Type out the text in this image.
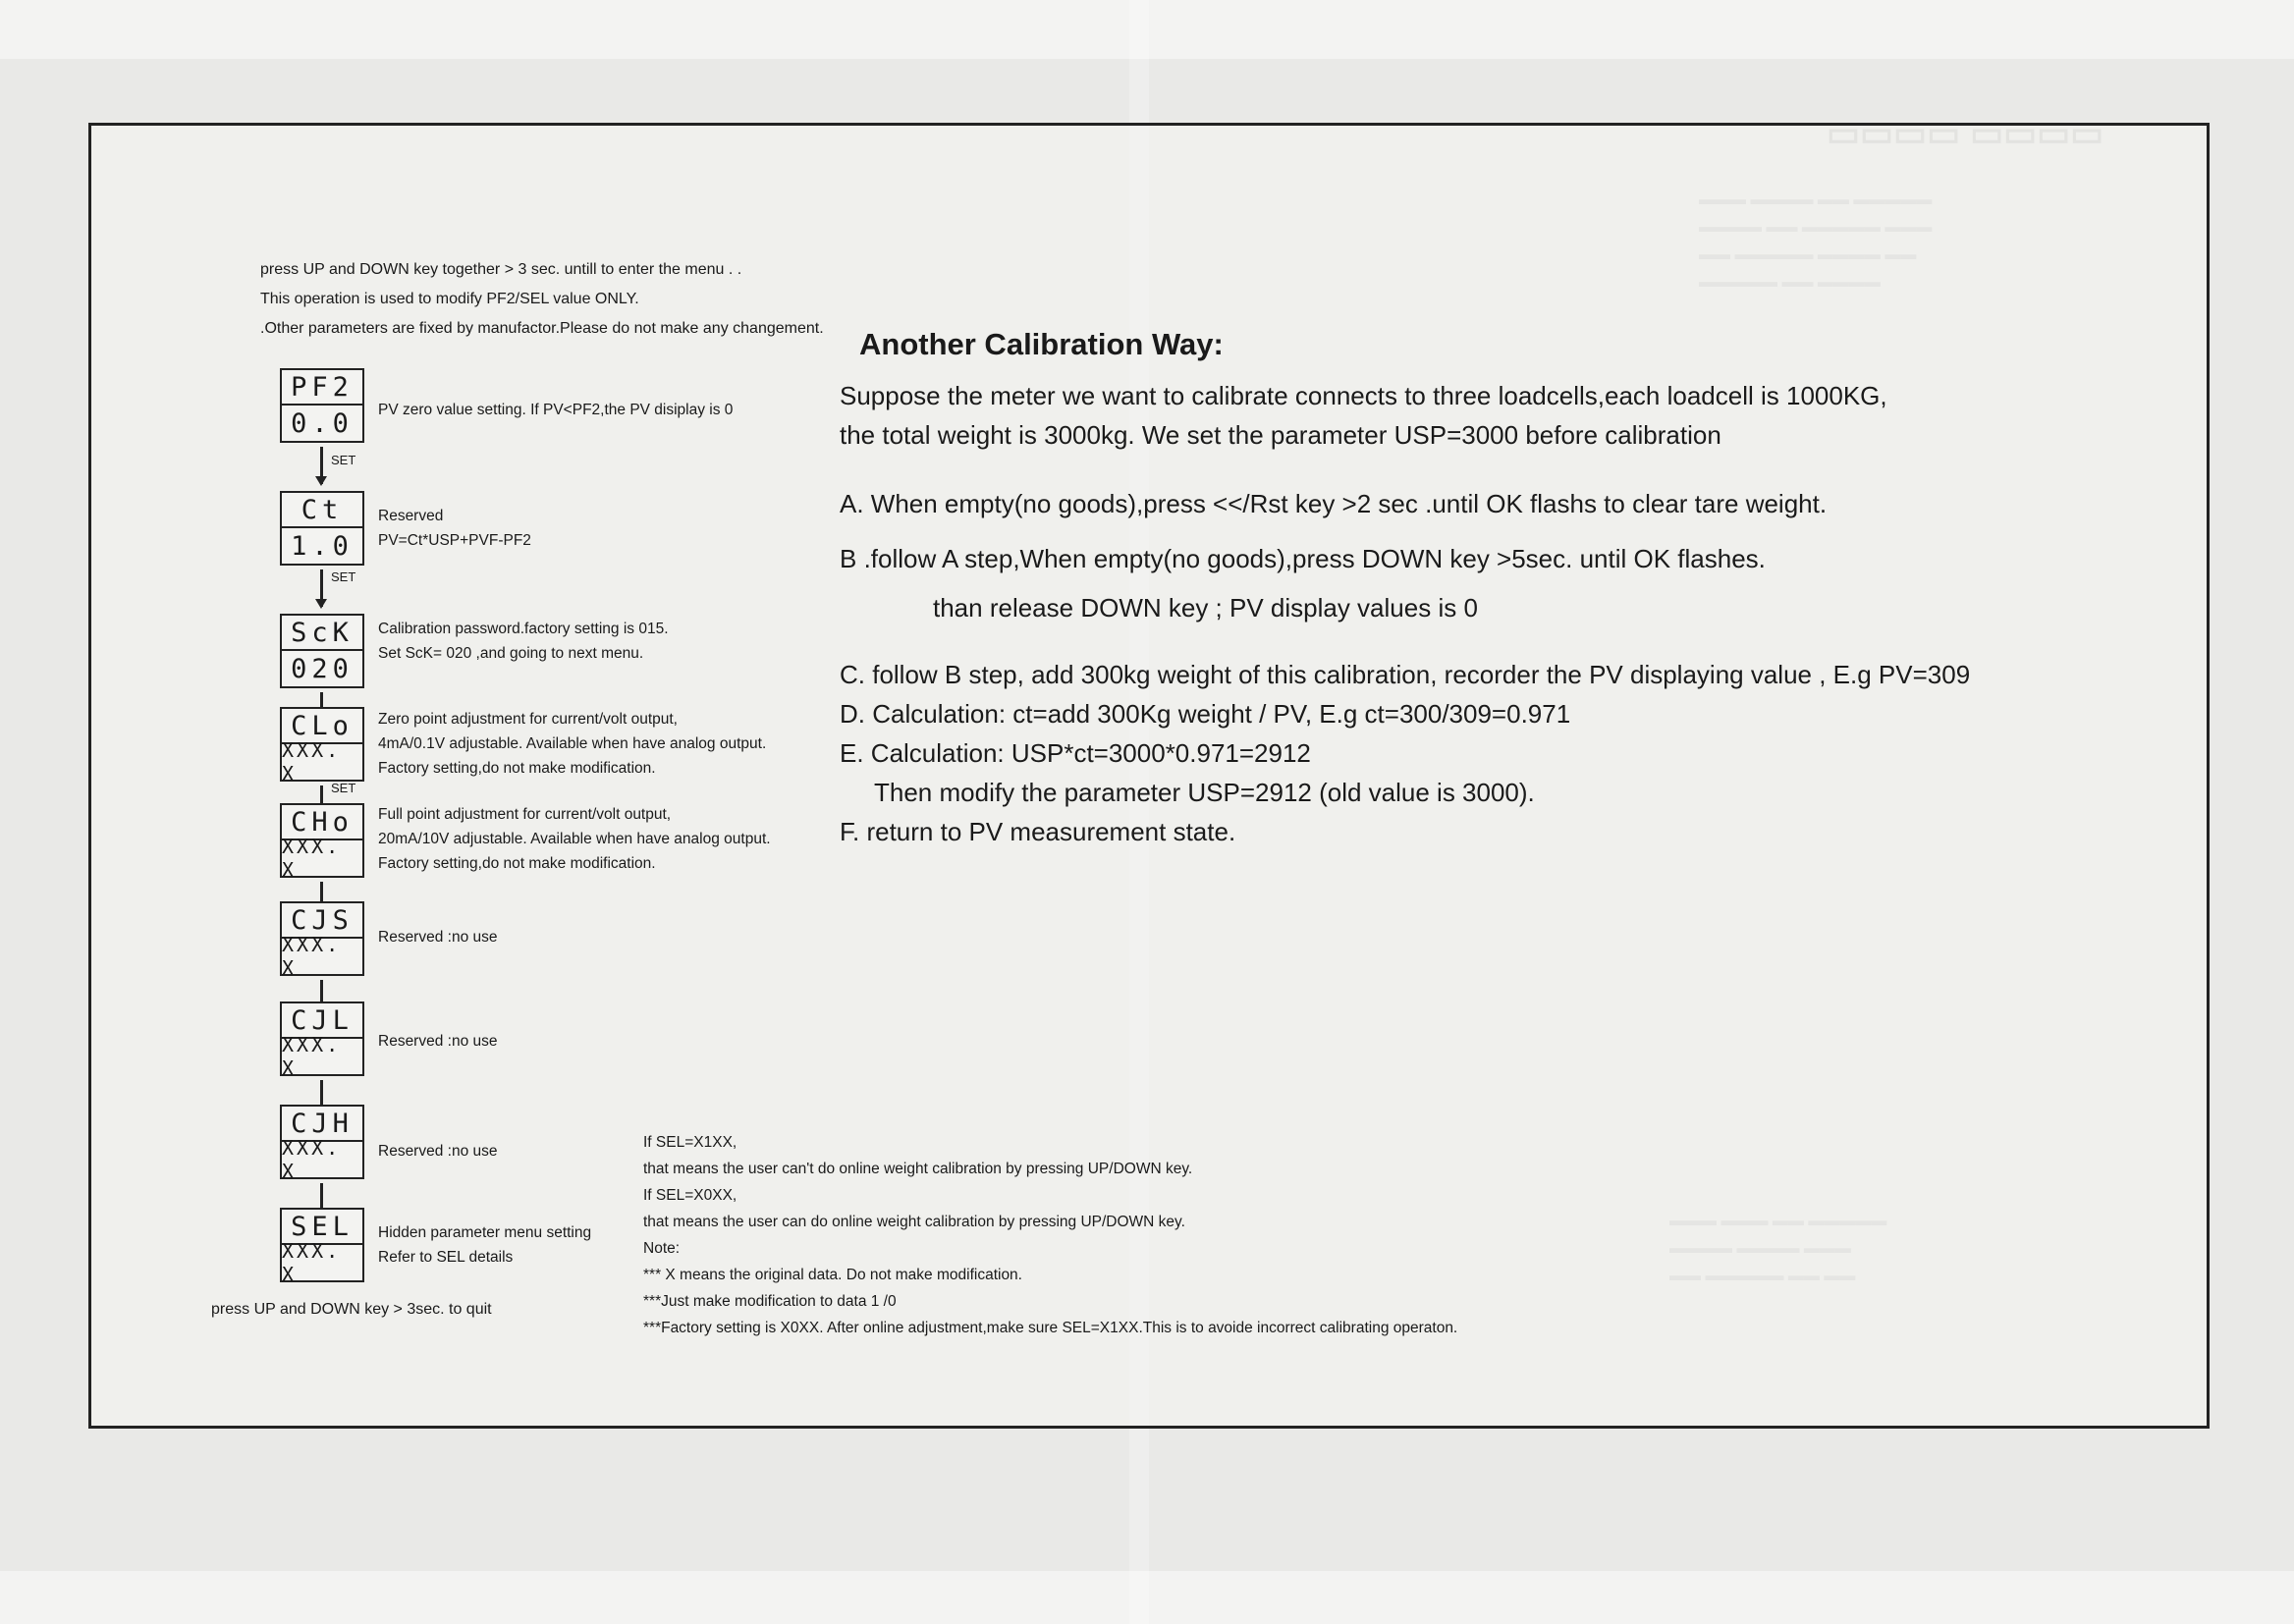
press UP and DOWN key together > 3 sec. untill to enter the menu . .
This operation is used to modify PF2/SEL value ONLY.
.Other parameters are fixed by manufactor.Please do not make any changement.
PF2
0.0
SET
Ct
1.0
SET
ScK
020
CLo
XXX. X
SET
CHo
XXX. X
CJS
XXX. X
CJL
XXX. X
CJH
XXX. X
SEL
XXX. X
PV zero value setting. If PV<PF2,the PV disiplay is 0
Reserved
PV=Ct*USP+PVF-PF2
Calibration password.factory setting is 015.
Set ScK= 020 ,and going to next menu.
Zero point adjustment for current/volt output,
4mA/0.1V adjustable. Available when have analog output.
Factory setting,do not make modification.
Full point adjustment for current/volt output,
20mA/10V adjustable. Available when have analog output.
Factory setting,do not make modification.
Reserved :no use
Reserved :no use
Reserved :no use
Hidden parameter menu setting
Refer to SEL details
press UP and DOWN key > 3sec. to quit
If SEL=X1XX,
that means the user can't do online weight calibration by pressing UP/DOWN key.
If SEL=X0XX,
that means the user can do online weight calibration by pressing UP/DOWN key.
Note:
*** X means the original data. Do not make modification.
***Just make modification to data 1 /0
***Factory setting is X0XX. After online adjustment,make sure SEL=X1XX.This is to avoide incorrect calibrating operaton.
Another Calibration Way:

Suppose the meter we want to calibrate connects to three loadcells,each loadcell is 1000KG,

the total weight is 3000kg. We set the parameter USP=3000 before calibration

A. When empty(no goods),press <</Rst key >2 sec .until OK flashs to clear tare weight.

B .follow A step,When empty(no goods),press DOWN key >5sec. until OK flashes.

than release DOWN key ; PV display values is 0

C. follow B step, add 300kg weight of this calibration, recorder the PV displaying value , E.g PV=309

D. Calculation: ct=add 300Kg weight / PV, E.g ct=300/309=0.971

E. Calculation: USP*ct=3000*0.971=2912

Then modify the parameter USP=2912 (old value is 3000).

F. return to PV measurement state.
